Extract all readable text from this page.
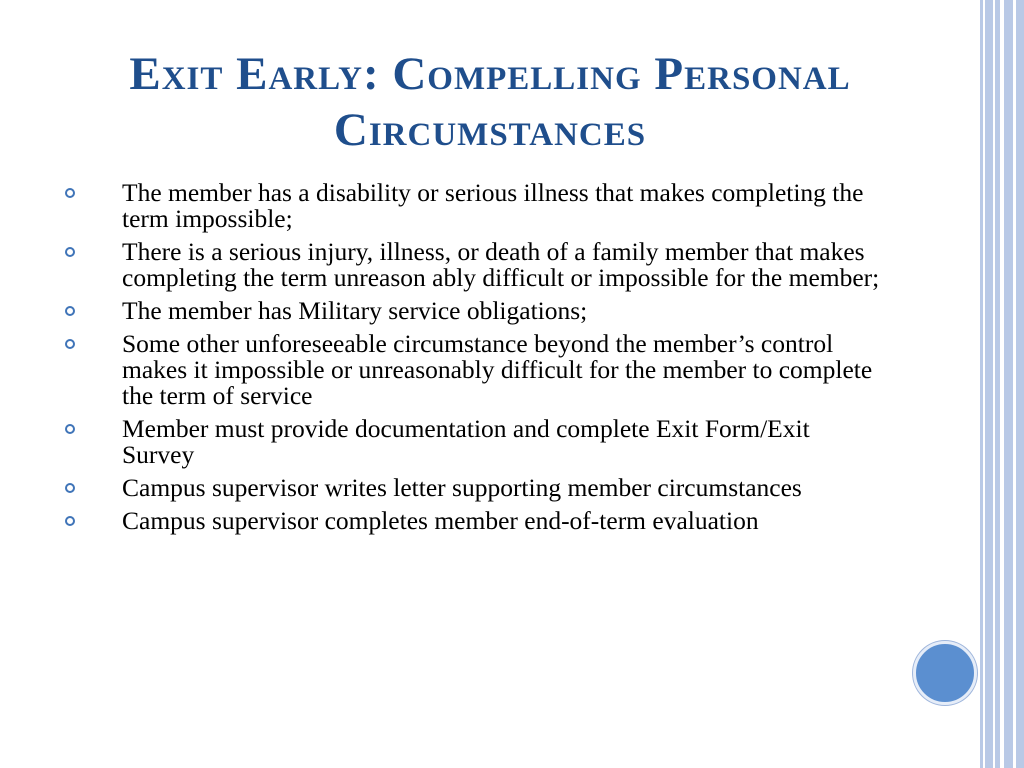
Exit Early: Compelling Personal Circumstances
The member has a disability or serious illness that makes completing the term impossible;
There is a serious injury, illness, or death of a family member that makes completing the term unreason ably difficult or impossible for the member;
The member has Military service obligations;
Some other unforeseeable circumstance beyond the member’s control makes it impossible or unreasonably difficult for the member to complete the term of service
Member must provide documentation and complete Exit Form/Exit Survey
Campus supervisor writes letter supporting member circumstances
Campus supervisor completes member end-of-term evaluation
